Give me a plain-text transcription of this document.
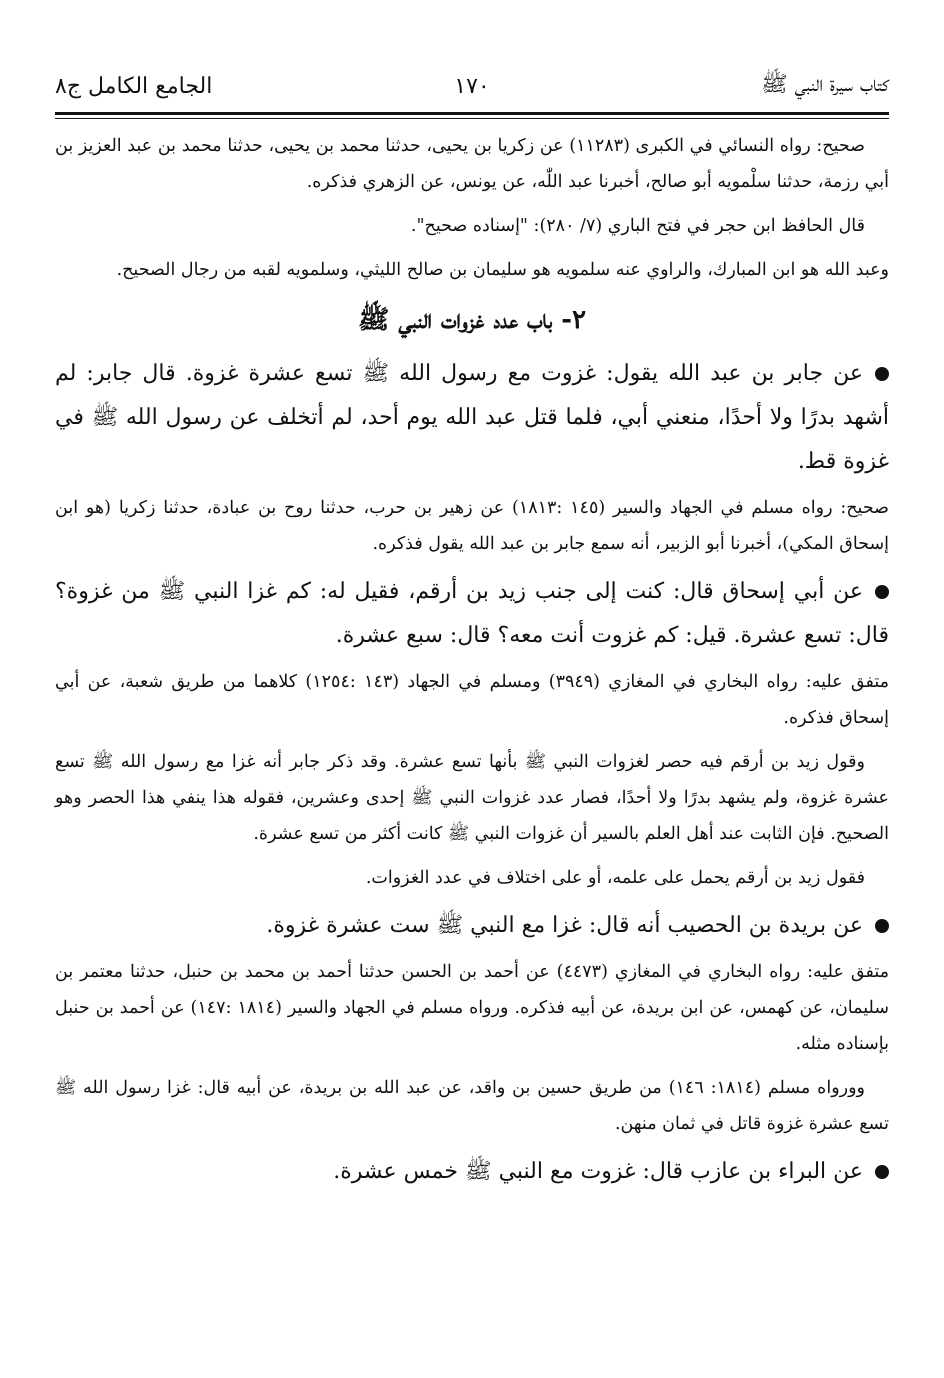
كتاب سيرة النبي ﷺ
١٧٠
الجامع الكامل ج٨

صحيح: رواه النسائي في الكبرى (١١٢٨٣) عن زكريا بن يحيى، حدثنا محمد بن يحيى، حدثنا محمد بن عبد العزيز بن أبي رزمة، حدثنا سلْمويه أبو صالح، أخبرنا عبد اللّٰه، عن يونس، عن الزهري فذكره.

قال الحافظ ابن حجر في فتح الباري (٧/ ٢٨٠): "إسناده صحيح".

وعبد الله هو ابن المبارك، والراوي عنه سلمويه هو سليمان بن صالح الليثي، وسلمويه لقبه من رجال الصحيح.

٢- باب عدد غزوات النبي ﷺ

عن جابر بن عبد الله يقول: غزوت مع رسول الله ﷺ تسع عشرة غزوة. قال جابر: لم أشهد بدرًا ولا أحدًا، منعني أبي، فلما قتل عبد الله يوم أحد، لم أتخلف عن رسول الله ﷺ في غزوة قط.

صحيح: رواه مسلم في الجهاد والسير (١٤٥ :١٨١٣) عن زهير بن حرب، حدثنا روح بن عبادة، حدثنا زكريا (هو ابن إسحاق المكي)، أخبرنا أبو الزبير، أنه سمع جابر بن عبد الله يقول فذكره.

عن أبي إسحاق قال: كنت إلى جنب زيد بن أرقم، فقيل له: كم غزا النبي ﷺ من غزوة؟ قال: تسع عشرة. قيل: كم غزوت أنت معه؟ قال: سبع عشرة.

متفق عليه: رواه البخاري في المغازي (٣٩٤٩) ومسلم في الجهاد (١٤٣ :١٢٥٤) كلاهما من طريق شعبة، عن أبي إسحاق فذكره.

وقول زيد بن أرقم فيه حصر لغزوات النبي ﷺ بأنها تسع عشرة. وقد ذكر جابر أنه غزا مع رسول الله ﷺ تسع عشرة غزوة، ولم يشهد بدرًا ولا أحدًا، فصار عدد غزوات النبي ﷺ إحدى وعشرين، فقوله هذا ينفي هذا الحصر وهو الصحيح. فإن الثابت عند أهل العلم بالسير أن غزوات النبي ﷺ كانت أكثر من تسع عشرة.

فقول زيد بن أرقم يحمل على علمه، أو على اختلاف في عدد الغزوات.

عن بريدة بن الحصيب أنه قال: غزا مع النبي ﷺ ست عشرة غزوة.

متفق عليه: رواه البخاري في المغازي (٤٤٧٣) عن أحمد بن الحسن حدثنا أحمد بن محمد بن حنبل، حدثنا معتمر بن سليمان، عن كهمس، عن ابن بريدة، عن أبيه فذكره. ورواه مسلم في الجهاد والسير (١٨١٤ :١٤٧) عن أحمد بن حنبل بإسناده مثله.

وورواه مسلم (١٨١٤: ١٤٦) من طريق حسين بن واقد، عن عبد الله بن بريدة، عن أبيه قال: غزا رسول الله ﷺ تسع عشرة غزوة قاتل في ثمان منهن.

عن البراء بن عازب قال: غزوت مع النبي ﷺ خمس عشرة.
